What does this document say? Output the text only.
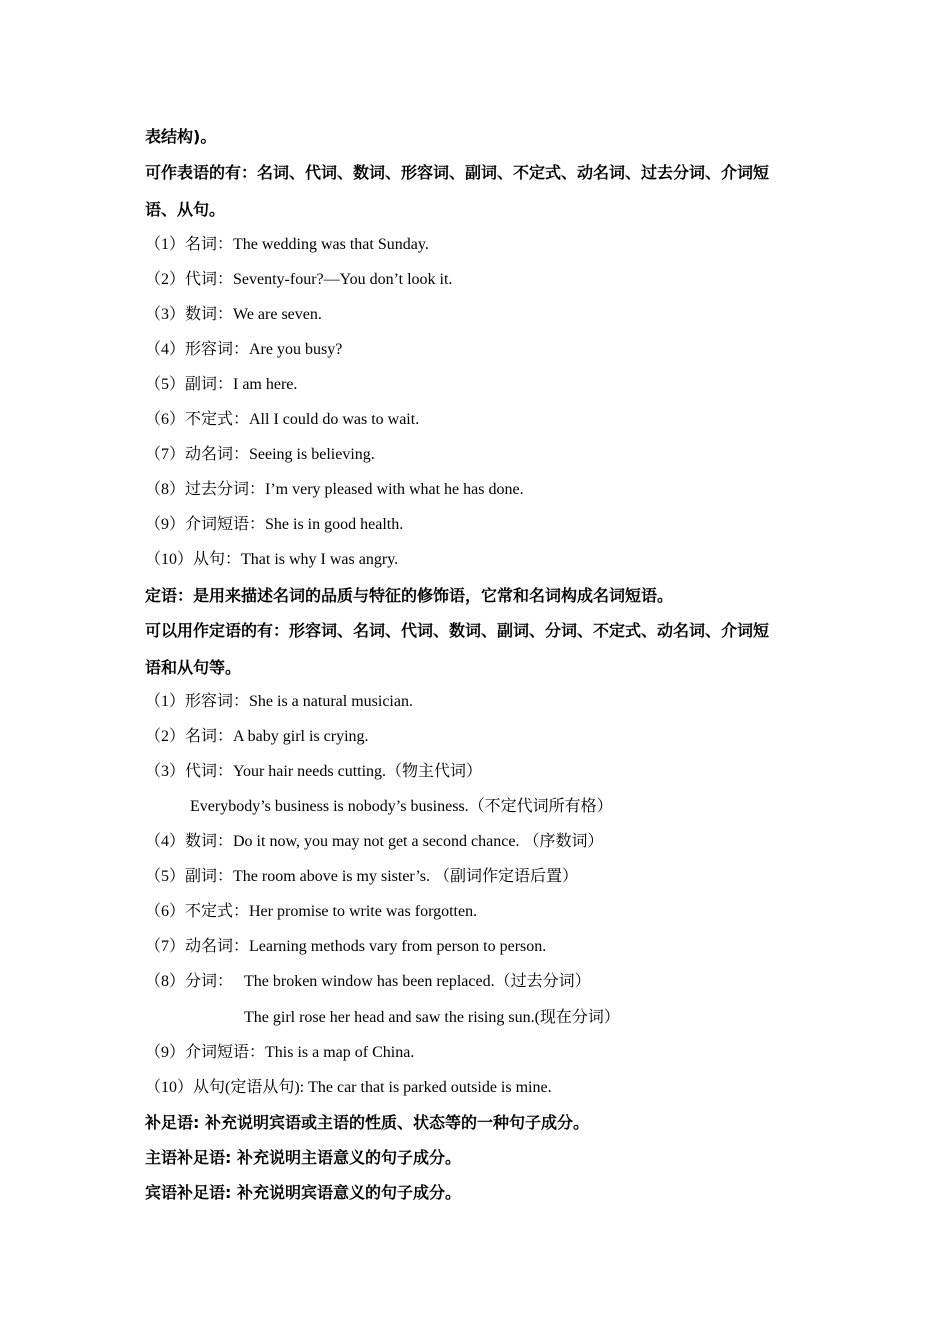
表结构)。
可作表语的有：名词、代词、数词、形容词、副词、不定式、动名词、过去分词、介词短
语、从句。
（1）名词：The wedding was that Sunday.
（2）代词：Seventy-four?—You don’t look it.
（3）数词：We are seven.
（4）形容词：Are you busy?
（5）副词：I am here.
（6）不定式：All I could do was to wait.
（7）动名词：Seeing is believing.
（8）过去分词：I’m very pleased with what he has done.
（9）介词短语：She is in good health.
（10）从句：That is why I was angry.
定语：是用来描述名词的品质与特征的修饰语，它常和名词构成名词短语。
可以用作定语的有：形容词、名词、代词、数词、副词、分词、不定式、动名词、介词短
语和从句等。
（1）形容词：She is a natural musician.
（2）名词：A baby girl is crying.
（3）代词：Your hair needs cutting.（物主代词）
Everybody’s business is nobody’s business.（不定代词所有格）
（4）数词：Do it now, you may not get a second chance. （序数词）
（5）副词：The room above is my sister’s. （副词作定语后置）
（6）不定式：Her promise to write was forgotten.
（7）动名词：Learning methods vary from person to person.
（8）分词： The broken window has been replaced.（过去分词）
The girl rose her head and saw the rising sun.(现在分词）
（9）介词短语：This is a map of China.
（10）从句(定语从句): The car that is parked outside is mine.
补足语: 补充说明宾语或主语的性质、状态等的一种句子成分。
主语补足语: 补充说明主语意义的句子成分。
宾语补足语: 补充说明宾语意义的句子成分。
